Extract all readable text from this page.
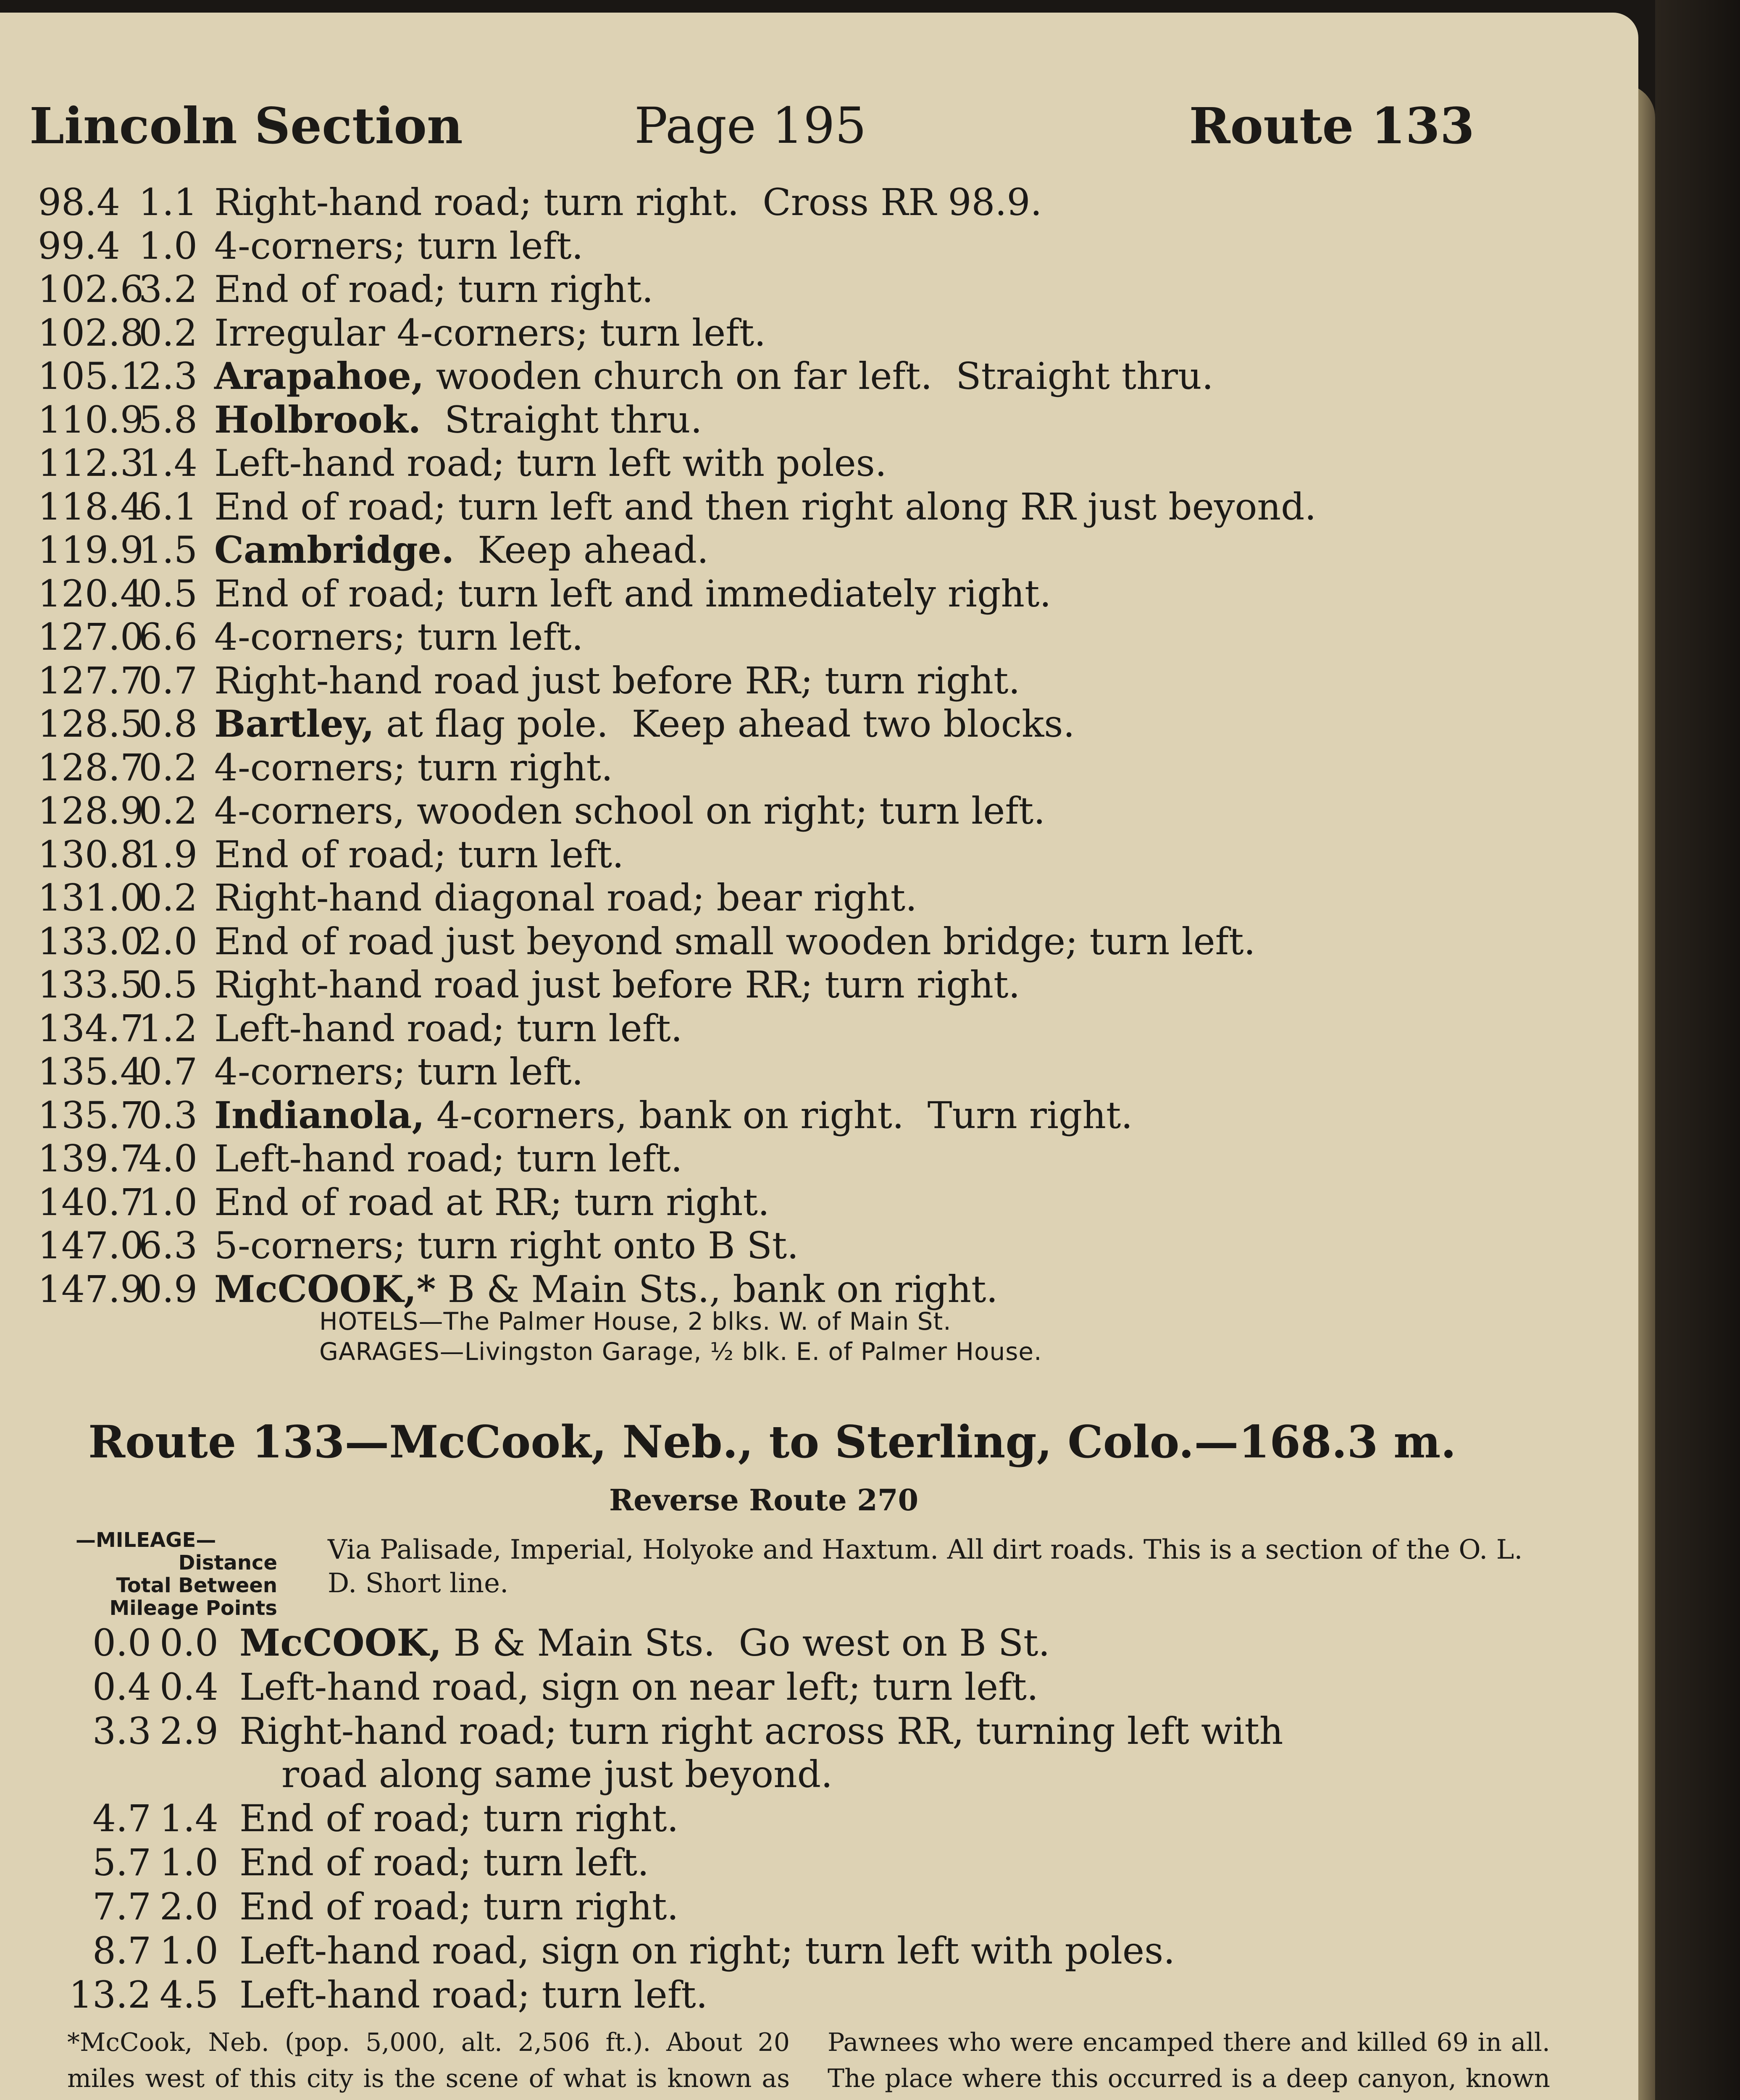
Lincoln Section	Page 195	Route 133
98.4 1.1 Right-hand road; turn right.  Cross RR 98.9.
99.4 1.0 4-corners; turn left.
102.63.2 End of road; turn right.
102.80.2 Irregular 4-corners; turn left.
105.12.3 Arapahoe, wooden church on far left.  Straight thru.
110.95.8 Holbrook.  Straight thru.
112.31.4 Left-hand road; turn left with poles.
118.46.1 End of road; turn left and then right along RR just beyond.
119.91.5 Cambridge.  Keep ahead.
120.40.5 End of road; turn left and immediately right.
127.06.6 4-corners; turn left.
127.70.7 Right-hand road just before RR; turn right.
128.50.8 Bartley, at flag pole.  Keep ahead two blocks.
128.70.2 4-corners; turn right.
128.90.2 4-corners, wooden school on right; turn left.
130.81.9 End of road; turn left.
131.00.2 Right-hand diagonal road; bear right.
133.02.0 End of road just beyond small wooden bridge; turn left.
133.50.5 Right-hand road just before RR; turn right.
134.71.2 Left-hand road; turn left.
135.40.7 4-corners; turn left.
135.70.3 Indianola, 4-corners, bank on right.  Turn right.
139.74.0 Left-hand road; turn left.
140.71.0 End of road at RR; turn right.
147.06.3 5-corners; turn right onto B St.
147.90.9 McCOOK,* B & Main Sts., bank on right.
HOTELS—The Palmer House, 2 blks. W. of Main St.
GARAGES—Livingston Garage, ½ blk. E. of Palmer House.
Route 133—McCook, Neb., to Sterling, Colo.—168.3 m.
Reverse Route 270
—MILEAGE—
Distance
Total Between
Mileage Points
Via Palisade, Imperial, Holyoke and Haxtum. All dirt roads. This is a section of the O. L. D. Short line.
0.0 0.0 McCOOK, B & Main Sts.  Go west on B St.
0.4 0.4 Left-hand road, sign on near left; turn left.
3.3 2.9 Right-hand road; turn right across RR, turning left with
road along same just beyond.
4.7 1.4 End of road; turn right.
5.7 1.0 End of road; turn left.
7.7 2.0 End of road; turn right.
8.7 1.0 Left-hand road, sign on right; turn left with poles.
13.2 4.5 Left-hand road; turn left.
*McCook, Neb. (pop. 5,000, alt. 2,506 ft.). About 20 miles west of this city is the scene of what is known as
Pawnees who were encamped there and killed 69 in all. The place where this occurred is a deep canyon, known
